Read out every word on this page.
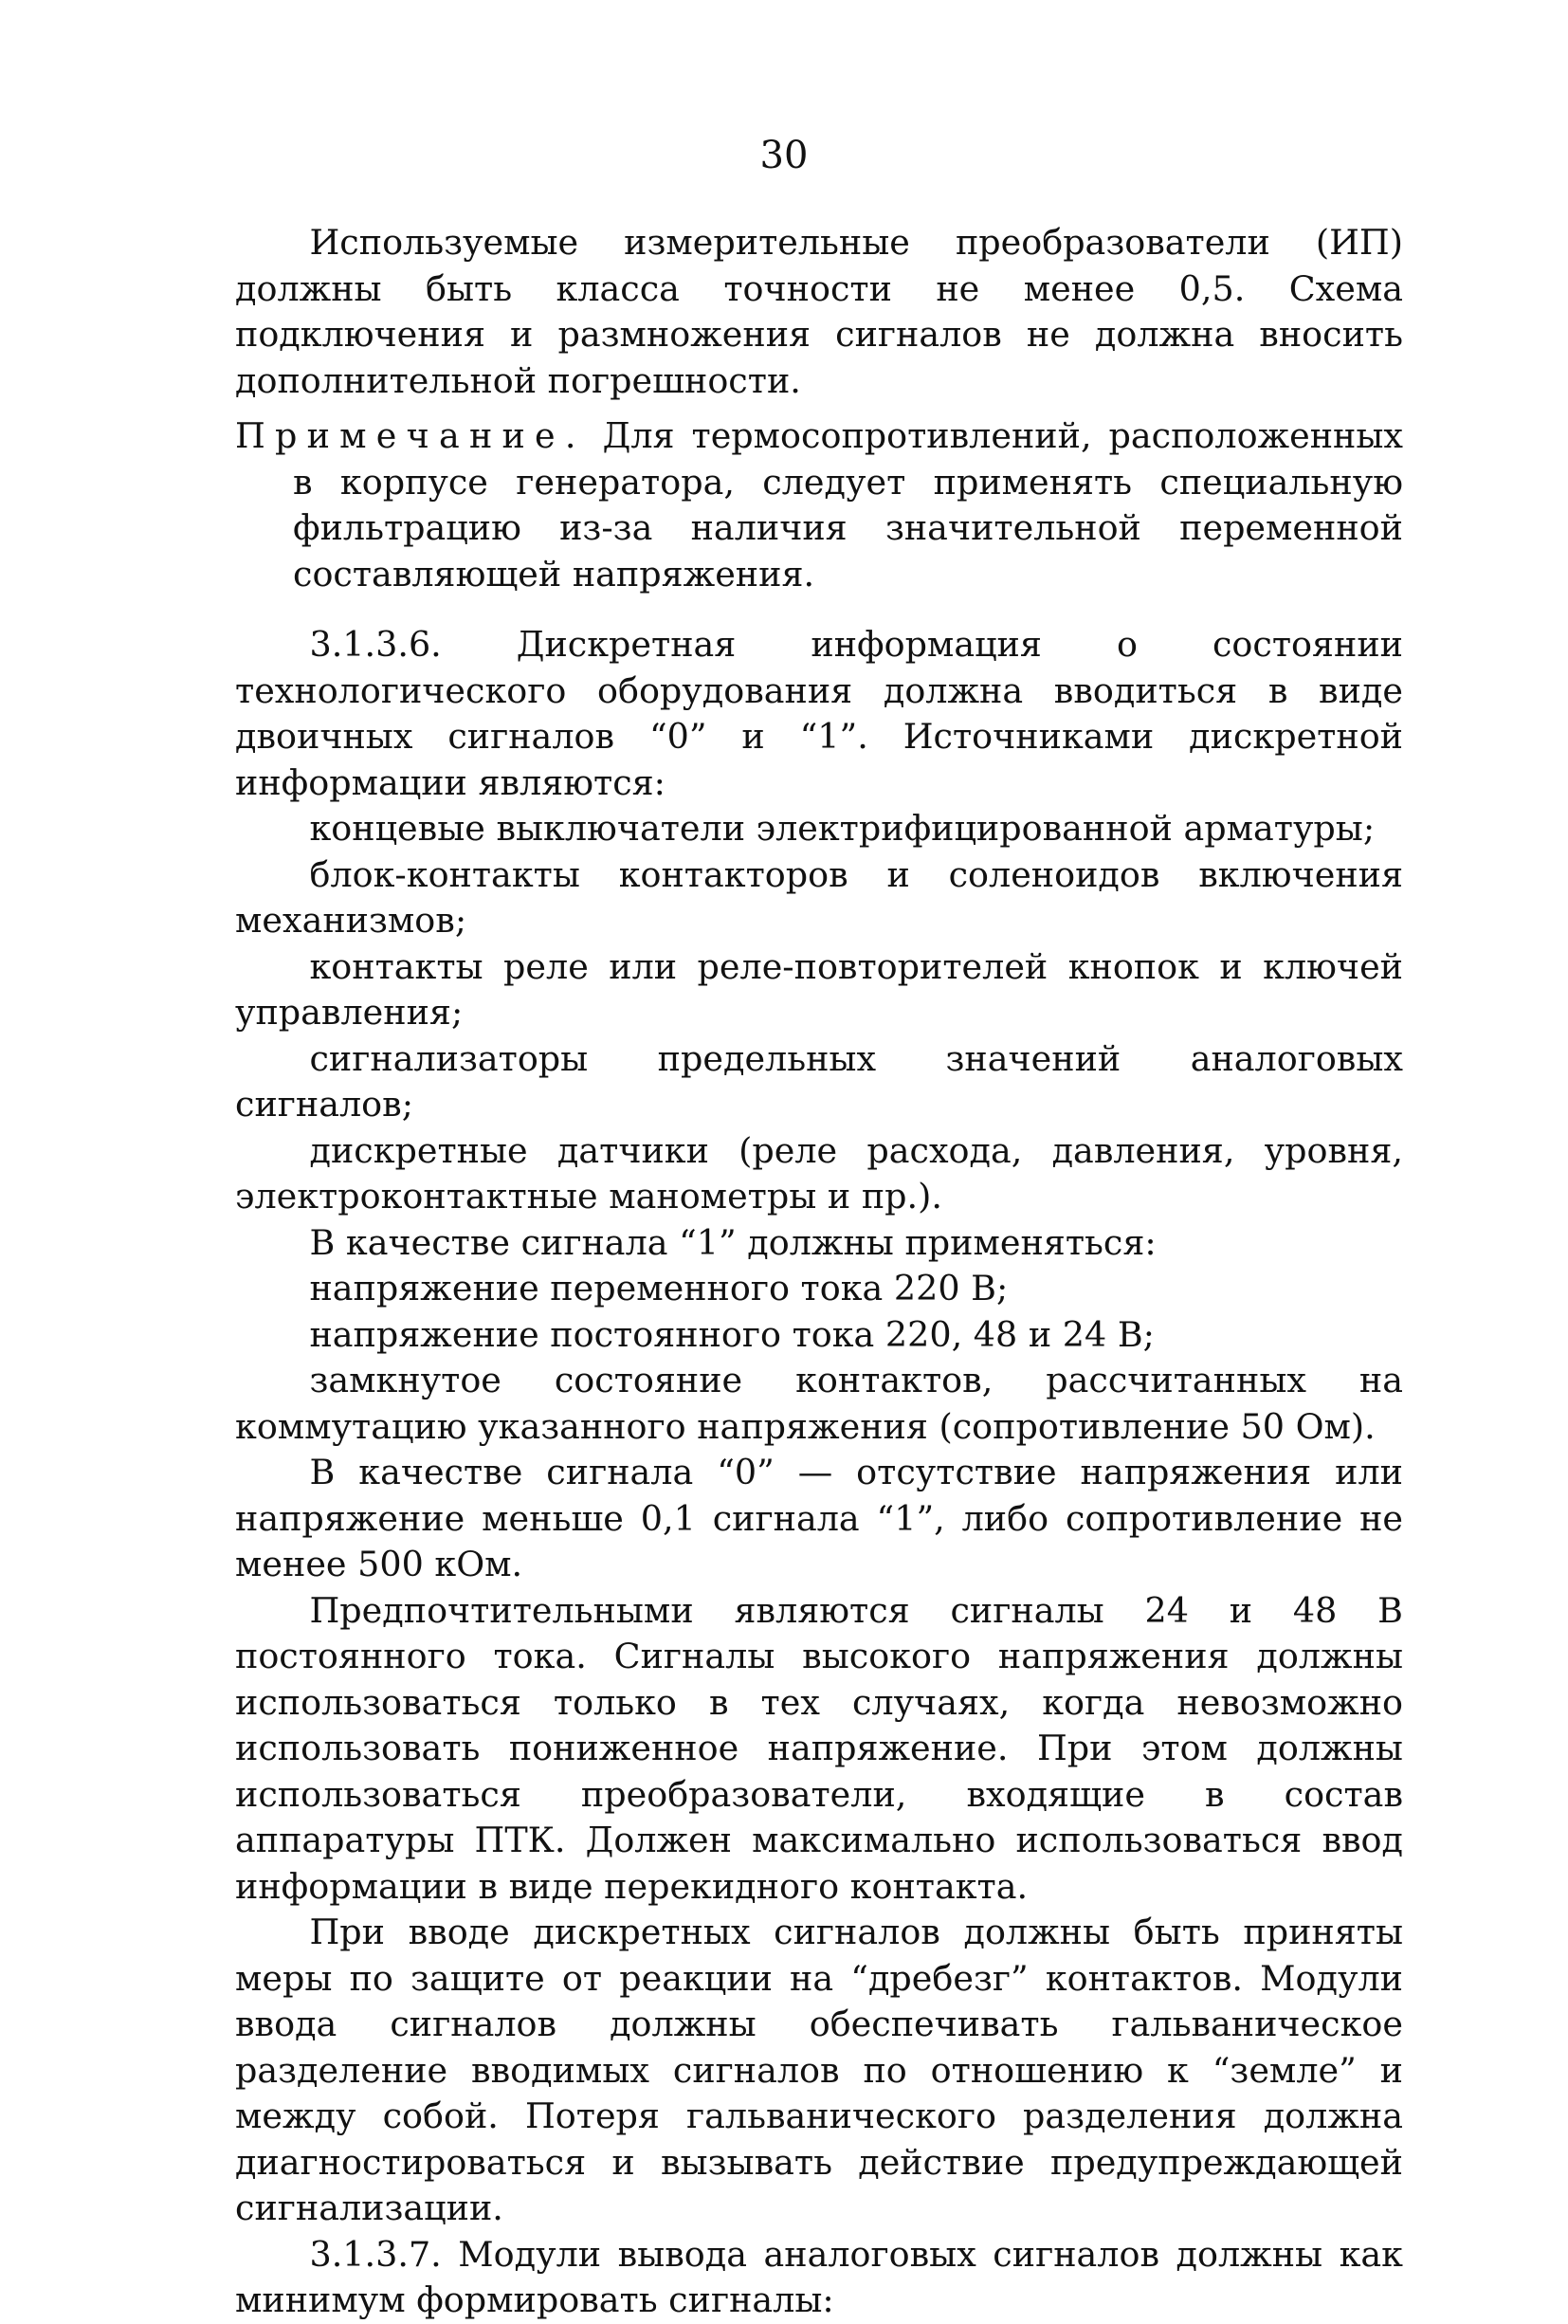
30

Используемые измерительные преобразователи (ИП) должны быть класса точности не менее 0,5. Схема подключения и размножения сигналов не должна вносить дополнительной погрешности.

Примечание. Для термосопротивлений, расположенных в корпусе генератора, следует применять специальную фильтрацию из-за наличия значительной переменной составляющей напряжения.

3.1.3.6. Дискретная информация о состоянии технологического оборудования должна вводиться в виде двоичных сигналов “0” и “1”. Источниками дискретной информации являются:

концевые выключатели электрифицированной арматуры;

блок-контакты контакторов и соленоидов включения механизмов;

контакты реле или реле-повторителей кнопок и ключей управления;

сигнализаторы предельных значений аналоговых сигналов;

дискретные датчики (реле расхода, давления, уровня, электроконтактные манометры и пр.).

В качестве сигнала “1” должны применяться:

напряжение переменного тока 220 В;

напряжение постоянного тока 220, 48 и 24 В;

замкнутое состояние контактов, рассчитанных на коммутацию указанного напряжения (сопротивление 50 Ом).

В качестве сигнала “0” — отсутствие напряжения или напряжение меньше 0,1 сигнала “1”, либо сопротивление не менее 500 кОм.

Предпочтительными являются сигналы 24 и 48 В постоянного тока. Сигналы высокого напряжения должны использоваться только в тех случаях, когда невозможно использовать пониженное напряжение. При этом должны использоваться преобразователи, входящие в состав аппаратуры ПТК. Должен максимально использоваться ввод информации в виде перекидного контакта.

При вводе дискретных сигналов должны быть приняты меры по защите от реакции на “дребезг” контактов. Модули ввода сигналов должны обеспечивать гальваническое разделение вводимых сигналов по отношению к “земле” и между собой. Потеря гальванического разделения должна диагностироваться и вызывать действие предупреждающей сигнализации.

3.1.3.7. Модули вывода аналоговых сигналов должны как минимум формировать сигналы:
